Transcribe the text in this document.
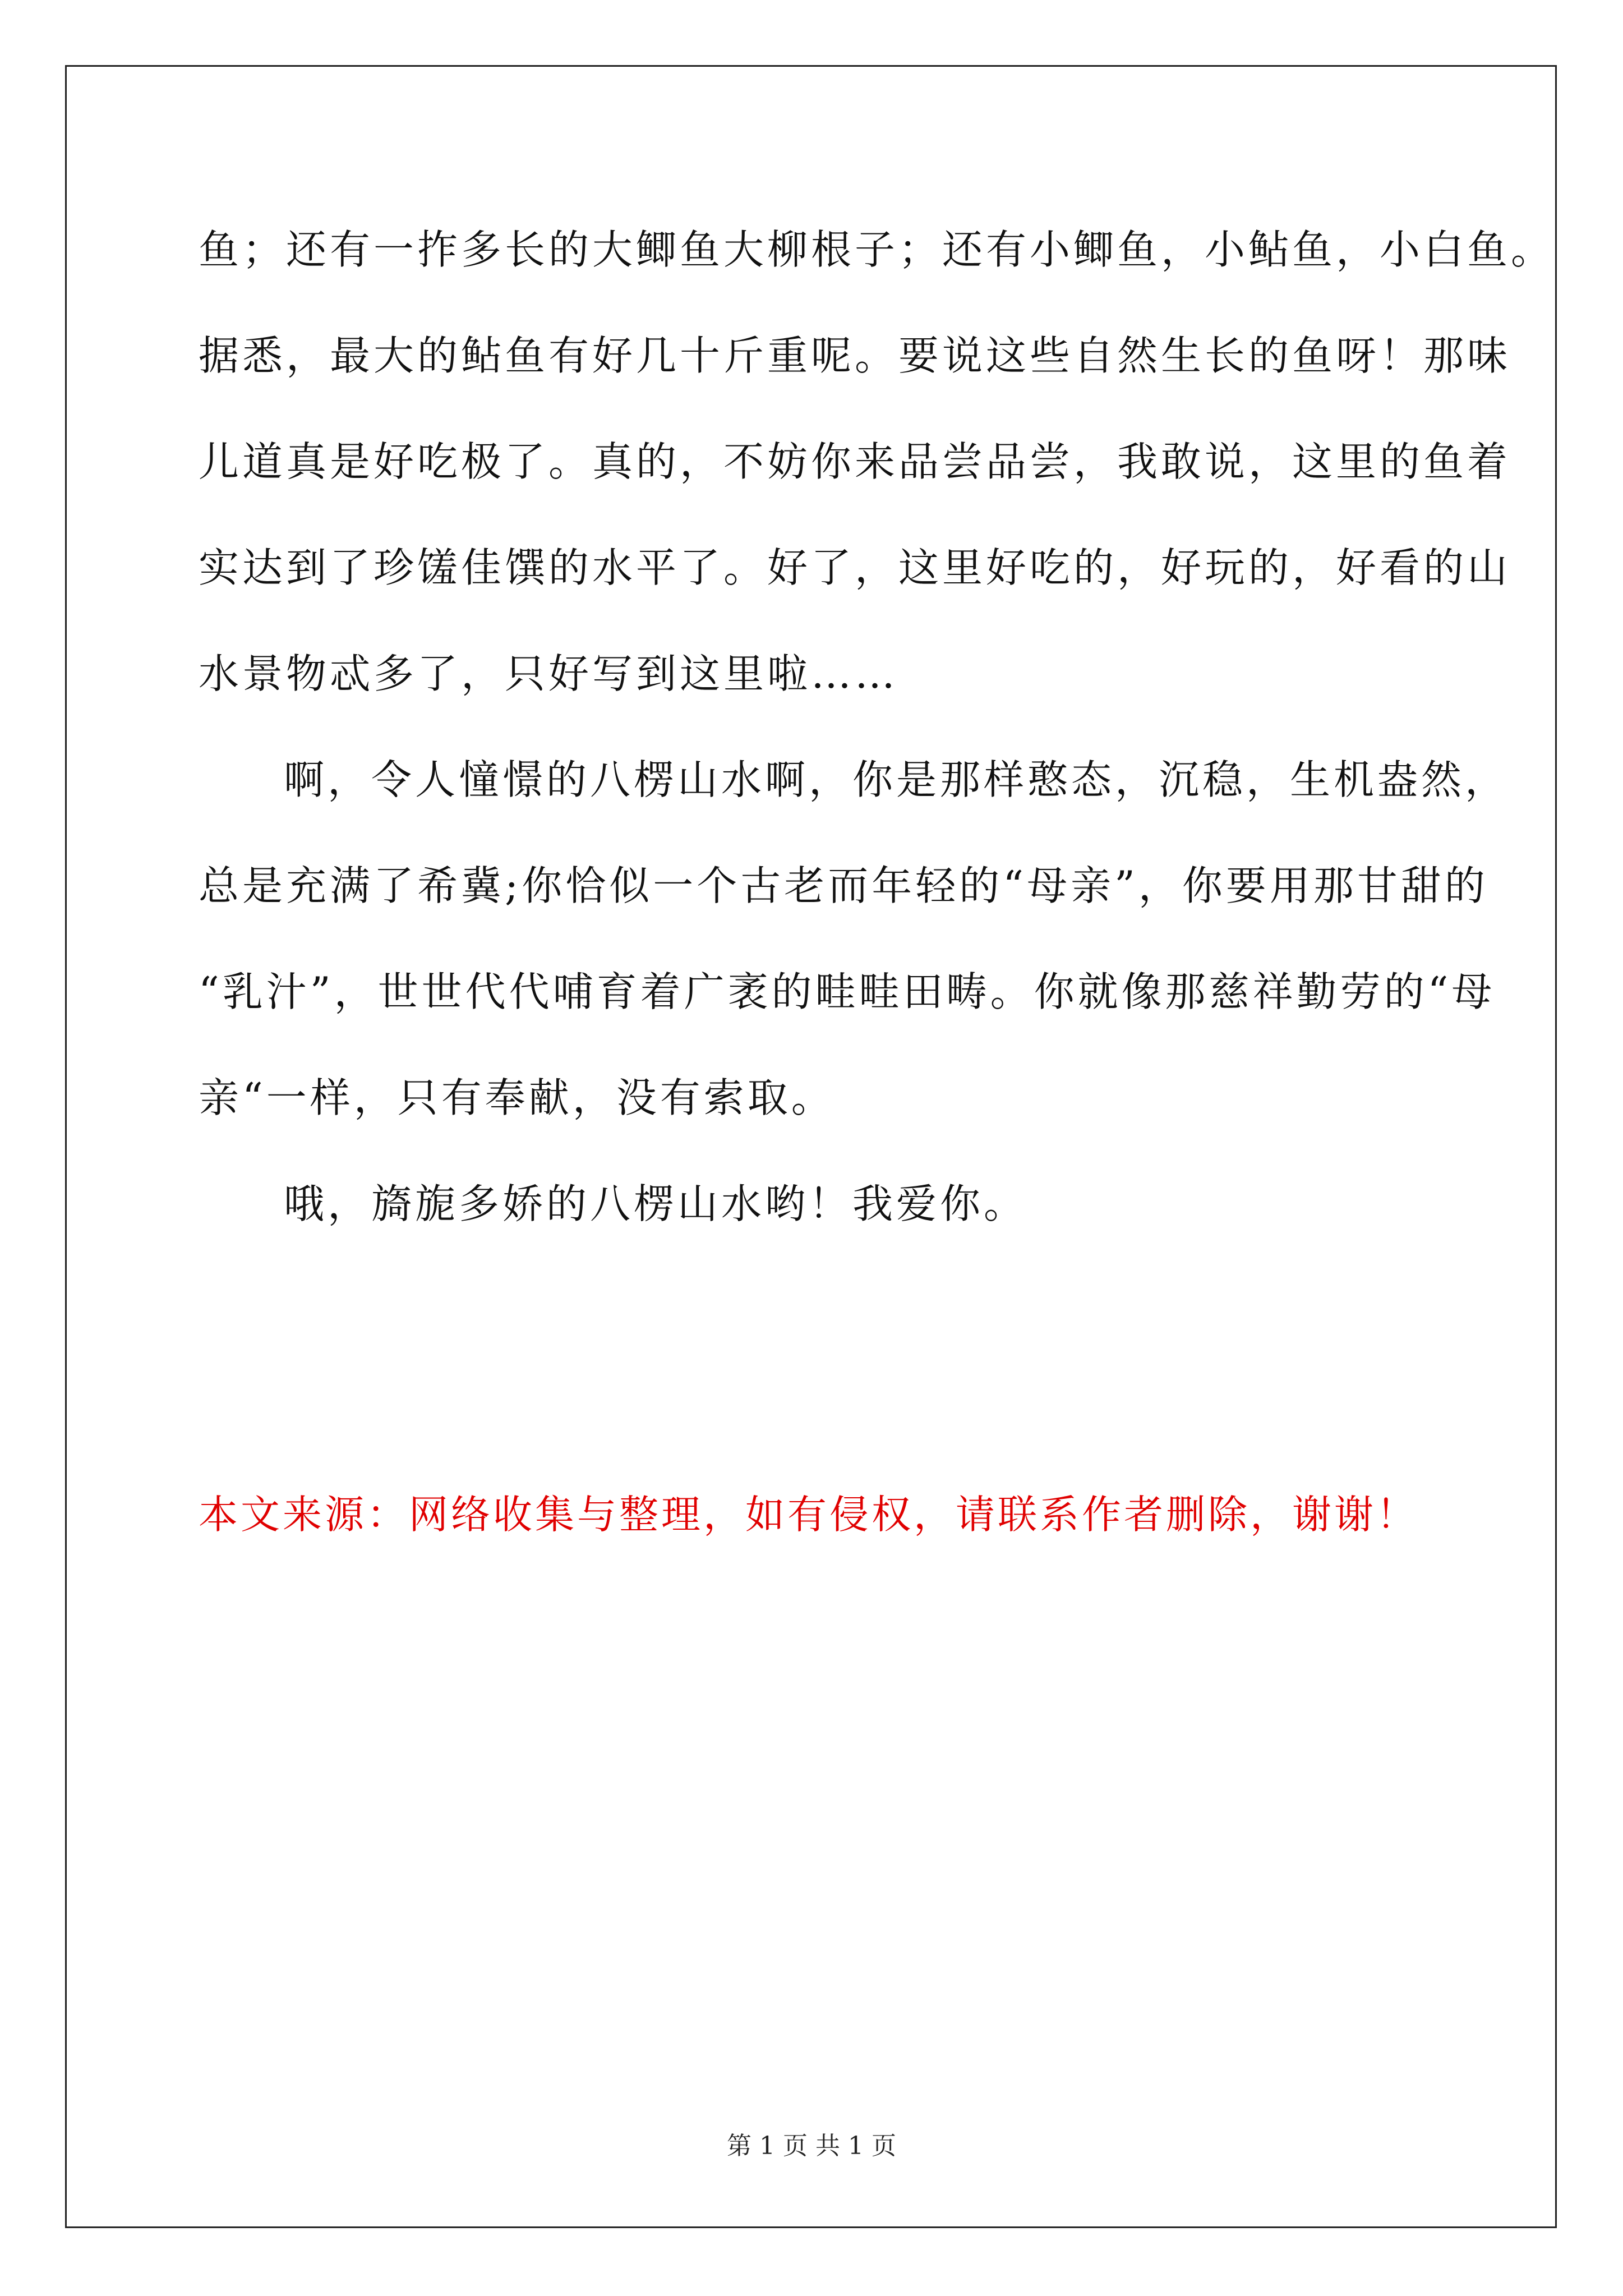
鱼；还有一拃多长的大鲫鱼大柳根子；还有小鲫鱼，小鲇鱼，小白鱼。
据悉，最大的鲇鱼有好几十斤重呢。要说这些自然生长的鱼呀！那味
儿道真是好吃极了。真的，不妨你来品尝品尝，我敢说，这里的鱼着
实达到了珍馐佳馔的水平了。好了，这里好吃的，好玩的，好看的山
水景物忒多了，只好写到这里啦……
啊，令人憧憬的八楞山水啊，你是那样憨态，沉稳，生机盎然，
总是充满了希冀;你恰似一个古老而年轻的“母亲”，你要用那甘甜的
“乳汁”，世世代代哺育着广袤的畦畦田畴。你就像那慈祥勤劳的“母
亲“一样，只有奉献，没有索取。
哦，旖旎多娇的八楞山水哟！我爱你。
本文来源：网络收集与整理，如有侵权，请联系作者删除，谢谢！
第 1 页 共 1 页
